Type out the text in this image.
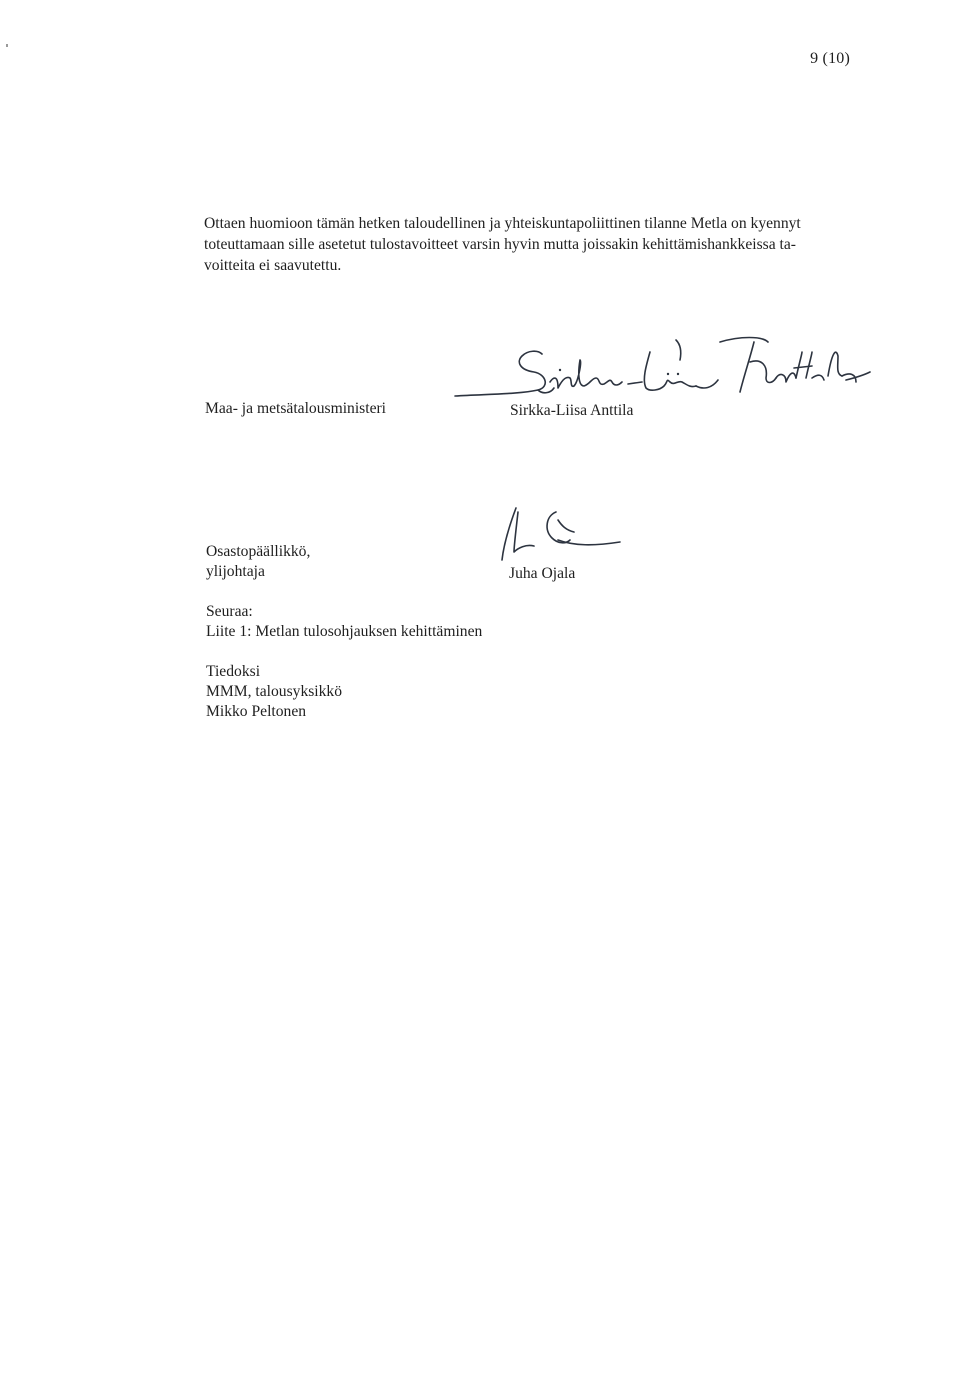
9 (10)
Ottaen huomioon tämän hetken taloudellinen ja yhteiskuntapoliittinen tilanne Metla on kyennyt
toteuttamaan sille asetetut tulostavoitteet varsin hyvin mutta joissakin kehittämishankkeissa ta-
voitteita ei saavutettu.
Maa- ja metsätalousministeri	Sirkka-Liisa Anttila
Osastopäällikkö,
ylijohtaja	Juha Ojala
Seuraa:
Liite 1: Metlan tulosohjauksen kehittäminen
Tiedoksi
MMM, talousyksikkö
Mikko Peltonen
